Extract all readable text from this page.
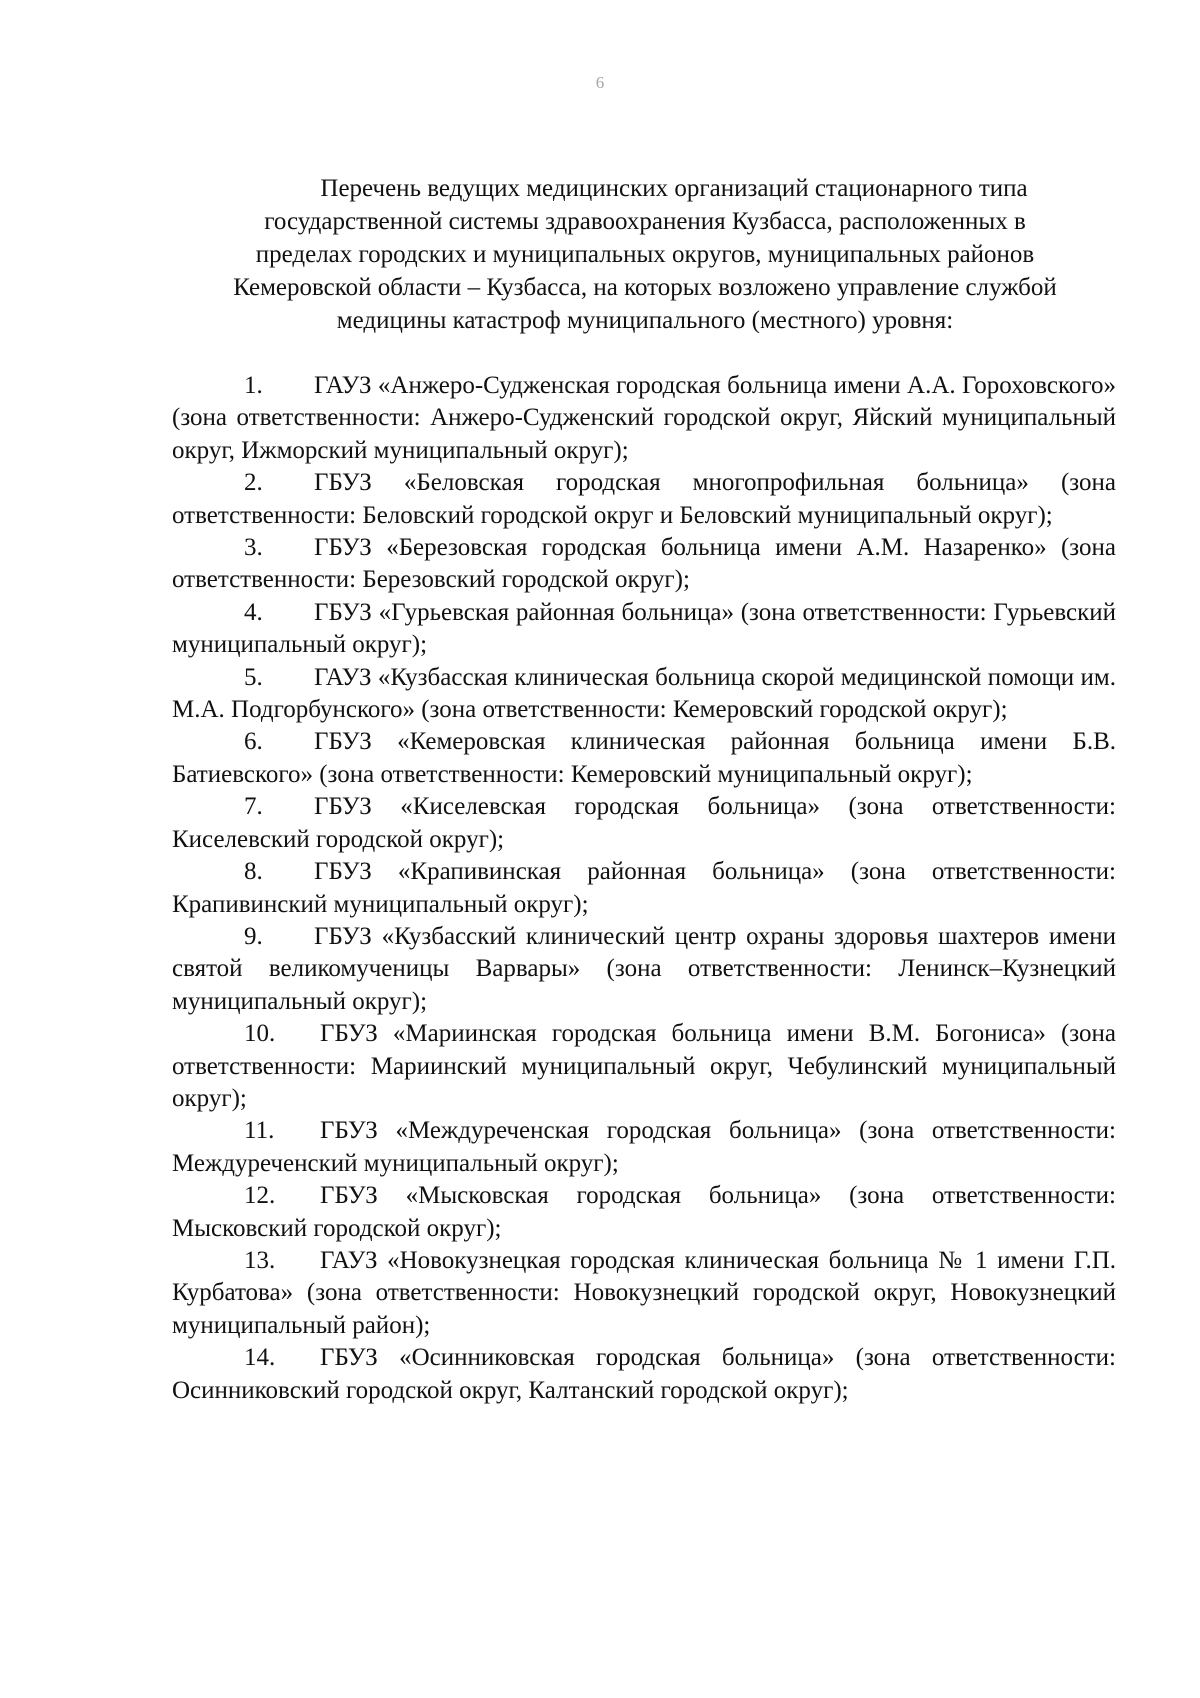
6
Перечень ведущих медицинских организаций стационарного типа
государственной системы здравоохранения Кузбасса, расположенных в
пределах городских и муниципальных округов, муниципальных районов
Кемеровской области – Кузбасса, на которых возложено управление службой
медицины катастроф муниципального (местного) уровня:

1. ГАУЗ «Анжеро-Судженская городская больница имени А.А. Гороховского» (зона ответственности: Анжеро-Судженский городской округ, Яйский муниципальный округ, Ижморский муниципальный округ);

2. ГБУЗ «Беловская городская многопрофильная больница» (зона ответственности: Беловский городской округ и Беловский муниципальный округ);

3. ГБУЗ «Березовская городская больница имени А.М. Назаренко» (зона ответственности: Березовский городской округ);

4. ГБУЗ «Гурьевская районная больница» (зона ответственности: Гурьевский муниципальный округ);

5. ГАУЗ «Кузбасская клиническая больница скорой медицинской помощи им. М.А. Подгорбунского» (зона ответственности: Кемеровский городской округ);

6. ГБУЗ «Кемеровская клиническая районная больница имени Б.В. Батиевского» (зона ответственности: Кемеровский муниципальный округ);

7. ГБУЗ «Киселевская городская больница» (зона ответственности: Киселевский городской округ);

8. ГБУЗ «Крапивинская районная больница» (зона ответственности: Крапивинский муниципальный округ);

9. ГБУЗ «Кузбасский клинический центр охраны здоровья шахтеров имени святой великомученицы Варвары» (зона ответственности: Ленинск–Кузнецкий муниципальный округ);

10. ГБУЗ «Мариинская городская больница имени В.М. Богониса» (зона ответственности: Мариинский муниципальный округ, Чебулинский муниципальный округ);

11. ГБУЗ «Междуреченская городская больница» (зона ответственности: Междуреченский муниципальный округ);

12. ГБУЗ «Мысковская городская больница» (зона ответственности: Мысковский городской округ);

13. ГАУЗ «Новокузнецкая городская клиническая больница № 1 имени Г.П. Курбатова» (зона ответственности: Новокузнецкий городской округ, Новокузнецкий муниципальный район);

14. ГБУЗ «Осинниковская городская больница» (зона ответственности: Осинниковский городской округ, Калтанский городской округ);
